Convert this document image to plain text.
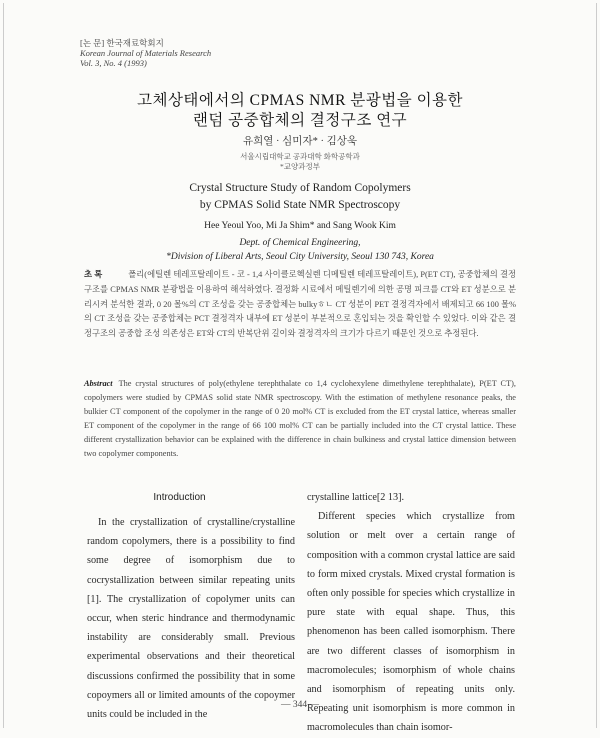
[논 문] 한국재료학회지
Korean Journal of Materials Research
Vol. 3, No. 4 (1993)
고체상태에서의 CPMAS NMR 분광법을 이용한
랜덤 공중합체의 결정구조 연구
유희열 · 심미자* · 김상욱
서울시립대학교 공과대학 화학공학과
*교양과정부
Crystal Structure Study of Random Copolymers
by CPMAS Solid State NMR Spectroscopy
Hee Yeoul Yoo, Mi Ja Shim* and Sang Wook Kim
Dept. of Chemical Engineering,
*Division of Liberal Arts, Seoul City University, Seoul 130 743, Korea
초 록	폴리(에틸렌 테레프탈레이트 - 코 - 1,4 사이클로헥실렌 디메틸렌 테레프탈레이트), P(ET CT), 공중합체의 결정구조를 CPMAS NMR 분광법을 이용하여 해석하였다. 결정화 시료에서 메틸렌기에 의한 공명 피크를 CT와 ET 성분으로 분리시켜 분석한 결과, 0 20 몰%의 CT 조성을 갖는 공중합체는 bulkyㅎㄴ CT 성분이 PET 결정격자에서 배제되고 66 100 몰%의 CT 조성을 갖는 공중합체는 PCT 결정격자 내부에 ET 성분이 부분적으로 혼입되는 것을 확인할 수 있었다. 이와 같은 결정구조의 공중합 조성 의존성은 ET와 CT의 반복단위 길이와 결정격자의 크기가 다르기 때문인 것으로 추정된다.
Abstract The crystal structures of poly(ethylene terephthalate co 1,4 cyclohexylene dimethylene terephthalate), P(ET CT), copolymers were studied by CPMAS solid state NMR spectroscopy. With the estimation of methylene resonance peaks, the bulkier CT component of the copolymer in the range of 0 20 mol% CT is excluded from the ET crystal lattice, whereas smaller ET component of the copolymer in the range of 66 100 mol% CT can be partially included into the CT crystal lattice. These different crystallization behavior can be explained with the difference in chain bulkiness and crystal lattice dimension between two copolymer components.
Introduction

In the crystallization of crystalline/crystalline random copolymers, there is a possibility to find some degree of isomorphism due to cocrystallization between similar repeating units [1]. The crystallization of copolymer units can occur, when steric hindrance and thermodynamic instability are considerably small. Previous experimental observations and their theoretical discussions confirmed the possibility that in some copoymers all or limited amounts of the copoymer units could be included in the

crystalline lattice[2 13].

Different species which crystallize from solution or melt over a certain range of composition with a common crystal lattice are said to form mixed crystals. Mixed crystal formation is often only possible for species which crystallize in pure state with equal shape. Thus, this phenomenon has been called isomorphism. There are two different classes of isomorphism in macromolecules; isomorphism of whole chains and isomorphism of repeating units only. Repeating unit isomorphism is more common in macromolecules than chain isomor-

— 344 —
